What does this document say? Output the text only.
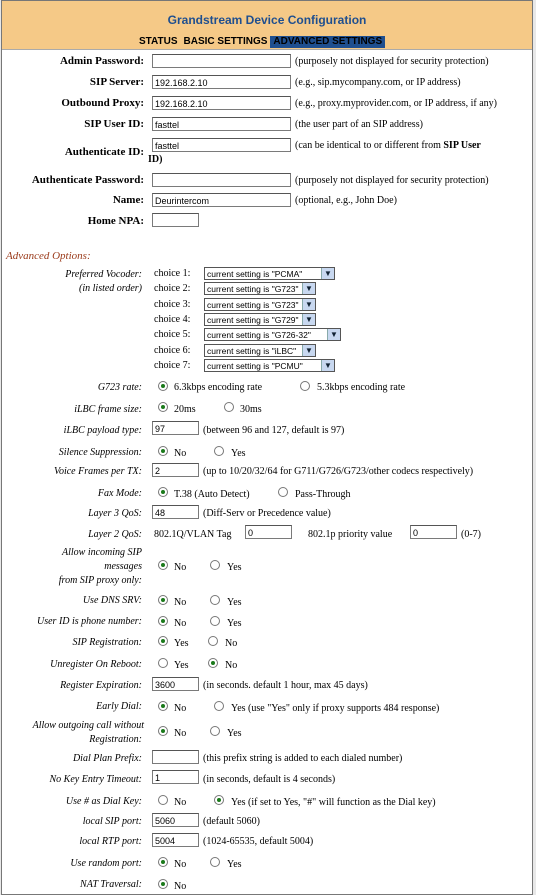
Grandstream Device Configuration
STATUS BASIC SETTINGS ADVANCED SETTINGS
Admin Password:	(purposely not displayed for security protection)
SIP Server:	192.168.2.10	(e.g., sip.mycompany.com, or IP address)
Outbound Proxy:	192.168.2.10	(e.g., proxy.myprovider.com, or IP address, if any)
SIP User ID:	fasttel	(the user part of an SIP address)
Authenticate ID:	fasttel	(can be identical to or different from SIP User
ID)
Authenticate Password:	(purposely not displayed for security protection)
Name:	Deurintercom	(optional, e.g., John Doe)
Home NPA:
Advanced Options:
Preferred Vocoder:
(in listed order)
choice 1:	current setting is "PCMA"	▼
choice 2:	current setting is "G723" ▼
choice 3:	current setting is "G723" ▼
choice 4:	current setting is "G729" ▼
choice 5:	current setting is "G726-32"	▼
choice 6:	current setting is "iLBC"	▼
choice 7:	current setting is "PCMU"	▼
G723 rate:	6.3kbps encoding rate	5.3kbps encoding rate
iLBC frame size:	20ms	30ms
iLBC payload type:	97	(between 96 and 127, default is 97)
Silence Suppression:	No	Yes
Voice Frames per TX:	2	(up to 10/20/32/64 for G711/G726/G723/other codecs respectively)
Fax Mode:	T.38 (Auto Detect)	Pass-Through
Layer 3 QoS:	48	(Diff-Serv or Precedence value)
Layer 2 QoS: 802.1Q/VLAN Tag	0	802.1p priority value	0	(0-7)
Allow incoming SIP
messages
from SIP proxy only:
No	Yes
Use DNS SRV:	No	Yes
User ID is phone number:	No	Yes
SIP Registration:	Yes	No
Unregister On Reboot:	Yes	No
Register Expiration:	3600	(in seconds. default 1 hour, max 45 days)
Early Dial:	No	Yes (use "Yes" only if proxy supports 484 response)
Allow outgoing call without
Registration:
No	Yes
Dial Plan Prefix:	(this prefix string is added to each dialed number)
No Key Entry Timeout:	1	(in seconds, default is 4 seconds)
Use # as Dial Key:	No	Yes (if set to Yes, "#" will function as the Dial key)
local SIP port:	5060	(default 5060)
local RTP port:	5004	(1024-65535, default 5004)
Use random port:	No	Yes
NAT Traversal:	No
